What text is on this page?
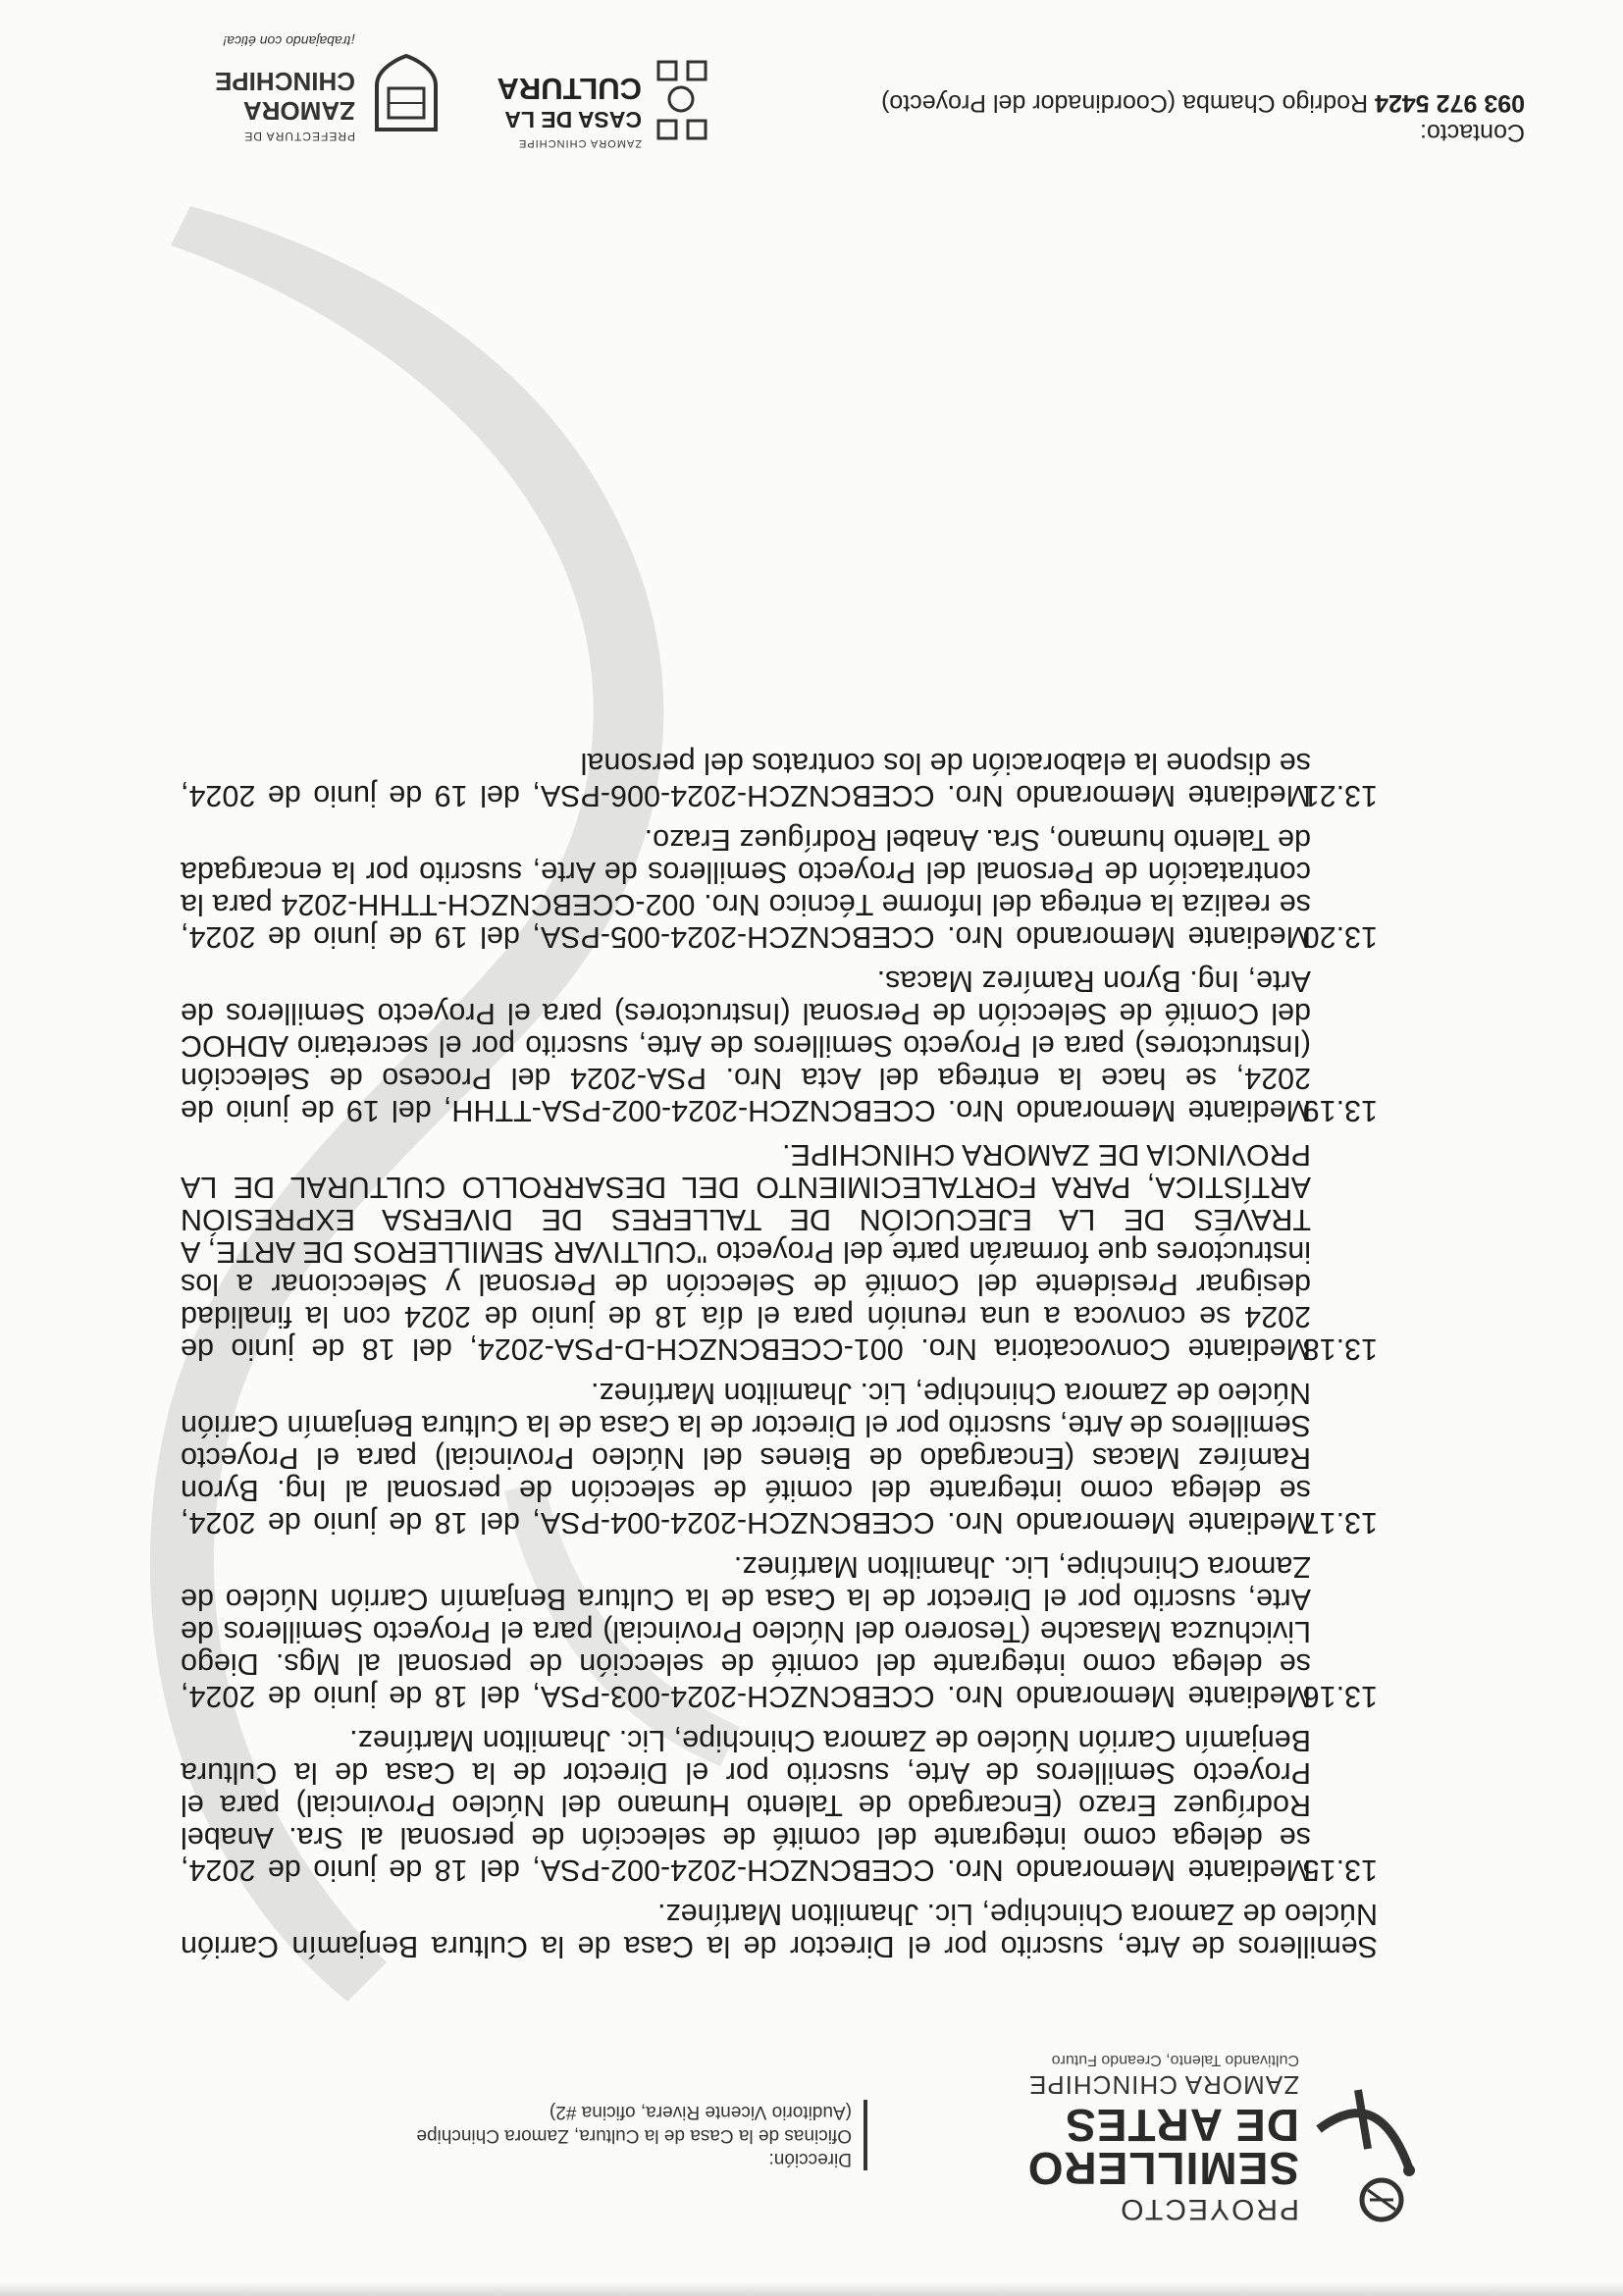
PROYECTO
SEMILLERO
DE ARTES
ZAMORA CHINCHIPE
Cultivando Talento, Creando Futuro
Dirección:
Oficinas de la Casa de la Cultura, Zamora Chinchipe
(Auditorio Vicente Rivera, oficina #2)

Semilleros de Arte, suscrito por el Director de la Casa de la Cultura Benjamín Carrión Núcleo de Zamora Chinchipe, Lic. Jhamilton Martínez.

13.15.
Mediante Memorando Nro. CCEBCNZCH-2024-002-PSA, del 18 de junio de 2024, se delega como integrante del comité de selección de personal al Sra. Anabel Rodríguez Erazo (Encargado de Talento Humano del Núcleo Provincial) para el Proyecto Semilleros de Arte, suscrito por el Director de la Casa de la Cultura Benjamín Carrión Núcleo de Zamora Chinchipe, Lic. Jhamilton Martínez.
13.16.
Mediante Memorando Nro. CCEBCNZCH-2024-003-PSA, del 18 de junio de 2024, se delega como integrante del comité de selección de personal al Mgs. Diego Livichuzca Masache (Tesorero del Núcleo Provincial) para el Proyecto Semilleros de Arte, suscrito por el Director de la Casa de la Cultura Benjamín Carrión Núcleo de Zamora Chinchipe, Lic. Jhamilton Martínez.
13.17.
Mediante Memorando Nro. CCEBCNZCH-2024-004-PSA, del 18 de junio de 2024, se delega como integrante del comité de selección de personal al Ing. Byron Ramírez Macas (Encargado de Bienes del Núcleo Provincial) para el Proyecto Semilleros de Arte, suscrito por el Director de la Casa de la Cultura Benjamín Carrión Núcleo de Zamora Chinchipe, Lic. Jhamilton Martínez.
13.18.
Mediante Convocatoria Nro. 001-CCEBCNZCH-D-PSA-2024, del 18 de junio de 2024 se convoca a una reunión para el día 18 de junio de 2024 con la finalidad designar Presidente del Comité de Selección de Personal y Seleccionar a los instructores que formarán parte del Proyecto "CULTIVAR SEMILLEROS DE ARTE, A TRAVÉS DE LA EJECUCIÓN DE TALLERES DE DIVERSA EXPRESIÓN ARTÍSTICA, PARA FORTALECIMIENTO DEL DESARROLLO CULTURAL DE LA PROVINCIA DE ZAMORA CHINCHIPE.
13.19.
Mediante Memorando Nro. CCEBCNZCH-2024-002-PSA-TTHH, del 19 de junio de 2024, se hace la entrega del Acta Nro. PSA-2024 del Proceso de Selección (Instructores) para el Proyecto Semilleros de Arte, suscrito por el secretario ADHOC del Comité de Selección de Personal (Instructores) para el Proyecto Semilleros de Arte, Ing. Byron Ramírez Macas.
13.20.
Mediante Memorando Nro. CCEBCNZCH-2024-005-PSA, del 19 de junio de 2024, se realiza la entrega del Informe Técnico Nro. 002-CCEBCNZCH-TTHH-2024 para la contratación de Personal del Proyecto Semilleros de Arte, suscrito por la encargada de Talento humano, Sra. Anabel Rodríguez Erazo.
13.21.
Mediante Memorando Nro. CCEBCNZCH-2024-006-PSA, del 19 de junio de 2024, se dispone la elaboración de los contratos del personal
Contacto:
093 972 5424 Rodrigo Chamba (Coordinador del Proyecto)
ZAMORA CHINCHIPE
CASA DE LA
CULTURA
PREFECTURA DE
ZAMORA
CHINCHIPE
¡trabajando con ética!
